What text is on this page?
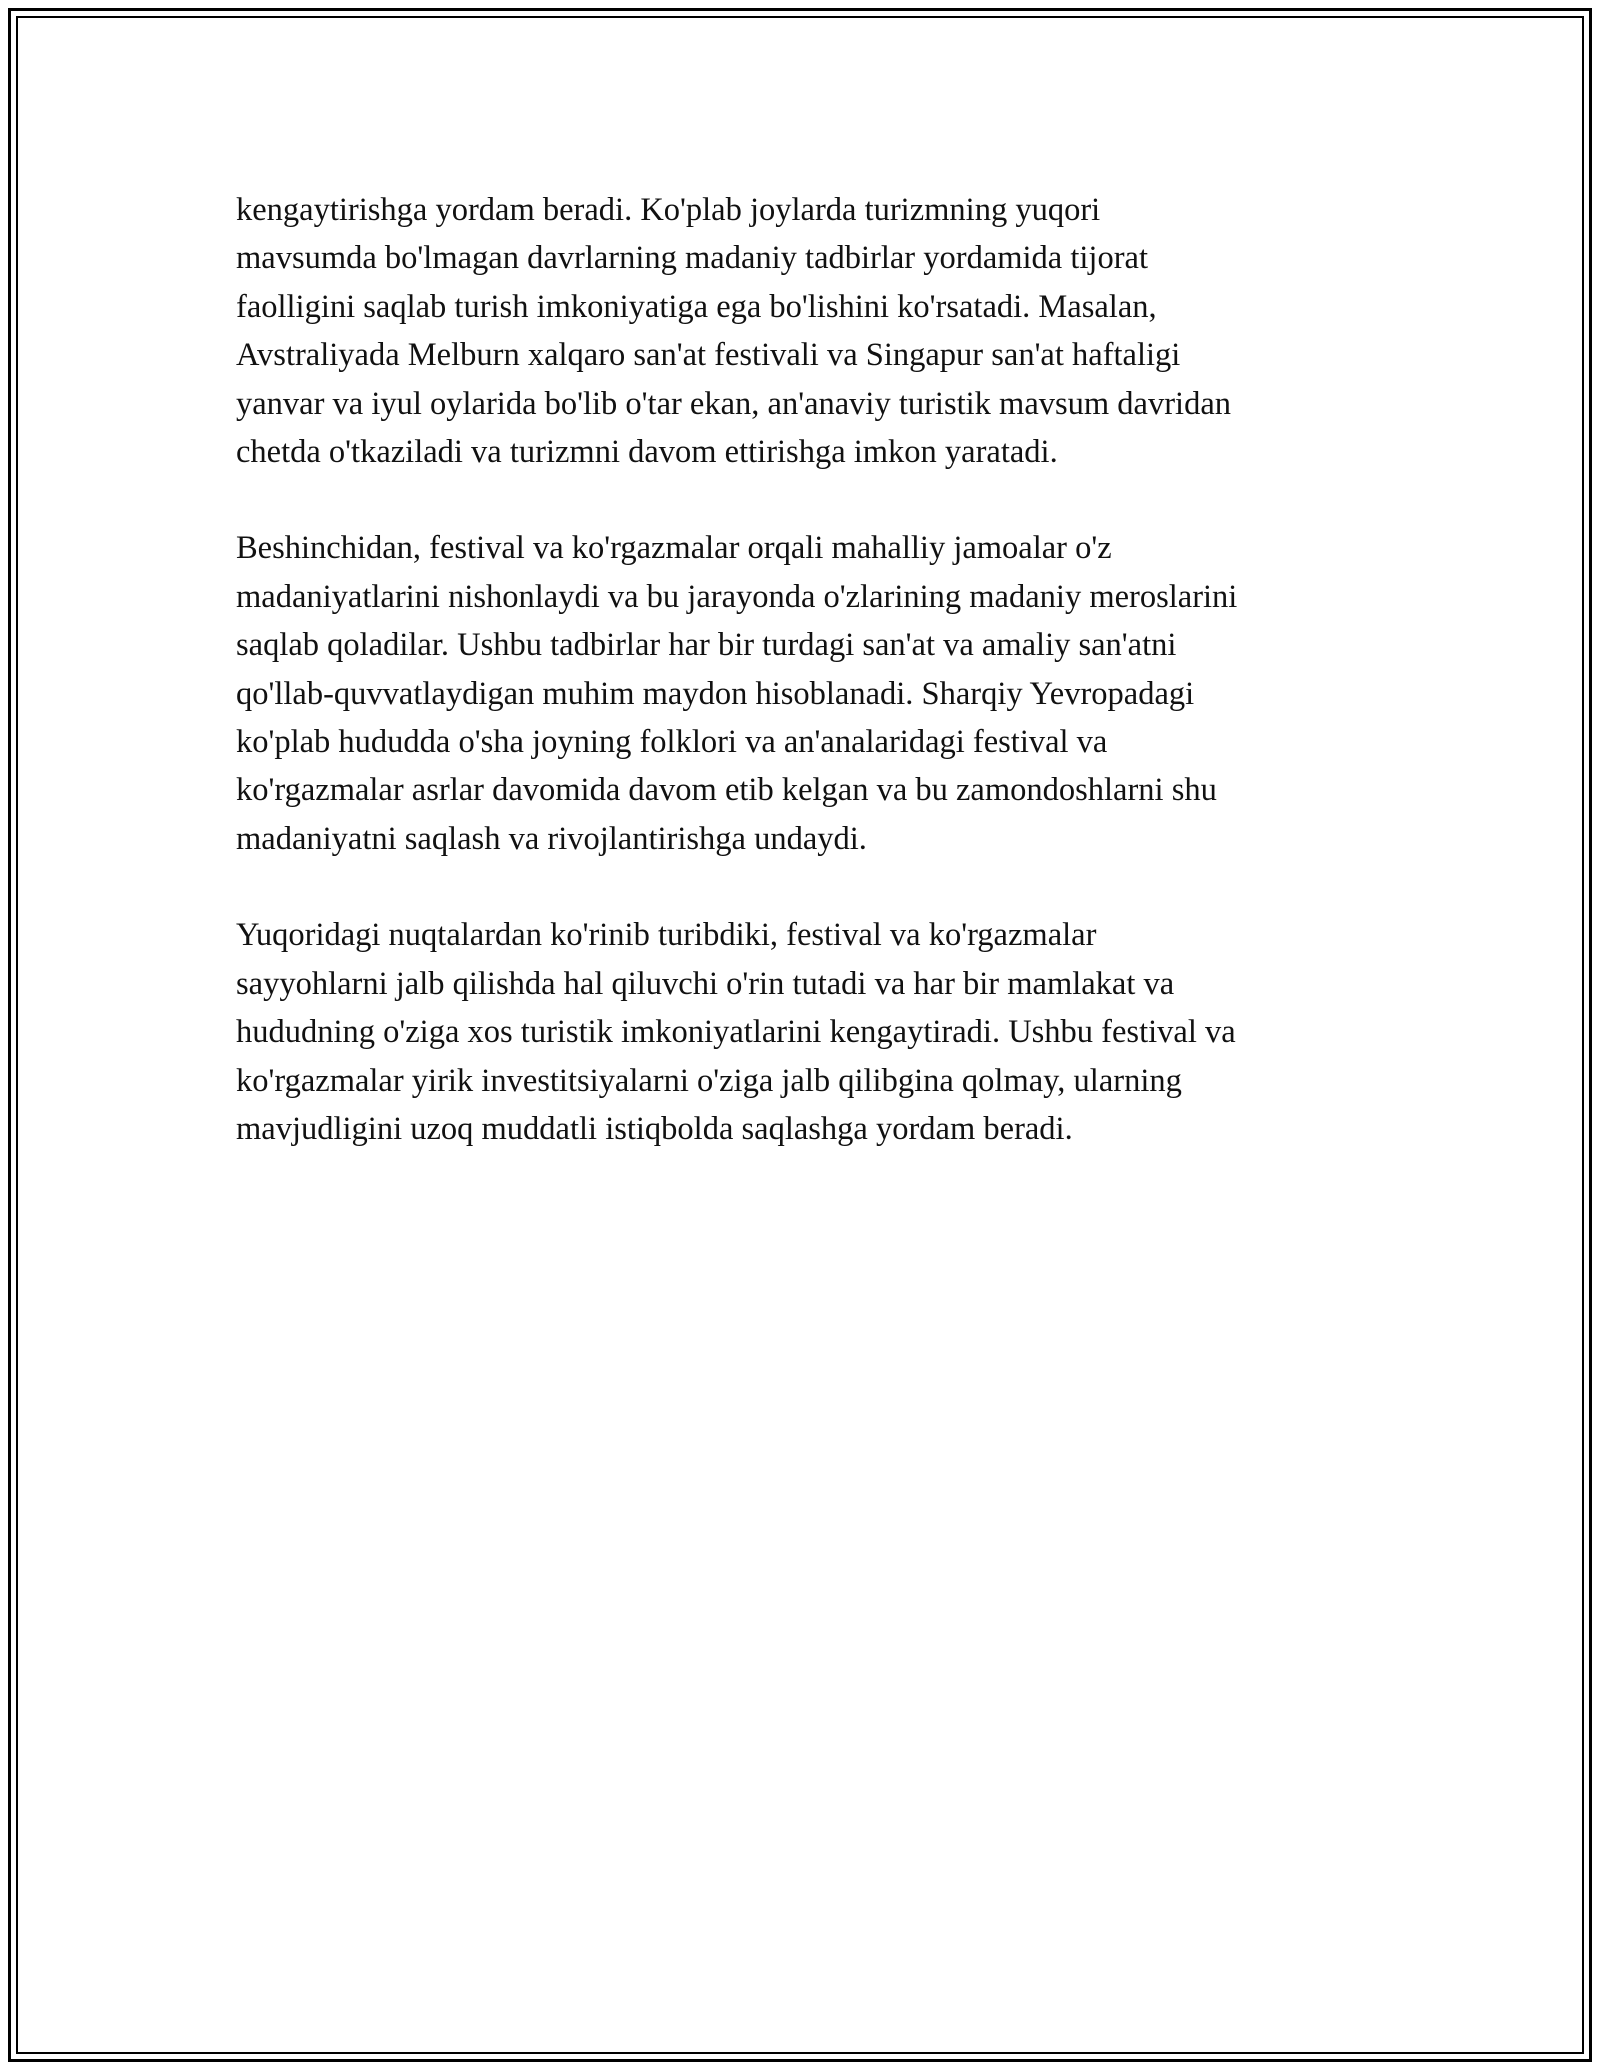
kengaytirishga yordam beradi. Ko'plab joylarda turizmning yuqori
mavsumda bo'lmagan davrlarning madaniy tadbirlar yordamida tijorat
faolligini saqlab turish imkoniyatiga ega bo'lishini ko'rsatadi. Masalan,
Avstraliyada Melburn xalqaro san'at festivali va Singapur san'at haftaligi
yanvar va iyul oylarida bo'lib o'tar ekan, an'anaviy turistik mavsum davridan
chetda o'tkaziladi va turizmni davom ettirishga imkon yaratadi.

Beshinchidan, festival va ko'rgazmalar orqali mahalliy jamoalar o'z
madaniyatlarini nishonlaydi va bu jarayonda o'zlarining madaniy meroslarini
saqlab qoladilar. Ushbu tadbirlar har bir turdagi san'at va amaliy san'atni
qo'llab-quvvatlaydigan muhim maydon hisoblanadi. Sharqiy Yevropadagi
ko'plab hududda o'sha joyning folklori va an'analaridagi festival va
ko'rgazmalar asrlar davomida davom etib kelgan va bu zamondoshlarni shu
madaniyatni saqlash va rivojlantirishga undaydi.

Yuqoridagi nuqtalardan ko'rinib turibdiki, festival va ko'rgazmalar
sayyohlarni jalb qilishda hal qiluvchi o'rin tutadi va har bir mamlakat va
hududning o'ziga xos turistik imkoniyatlarini kengaytiradi. Ushbu festival va
ko'rgazmalar yirik investitsiyalarni o'ziga jalb qilibgina qolmay, ularning
mavjudligini uzoq muddatli istiqbolda saqlashga yordam beradi.
